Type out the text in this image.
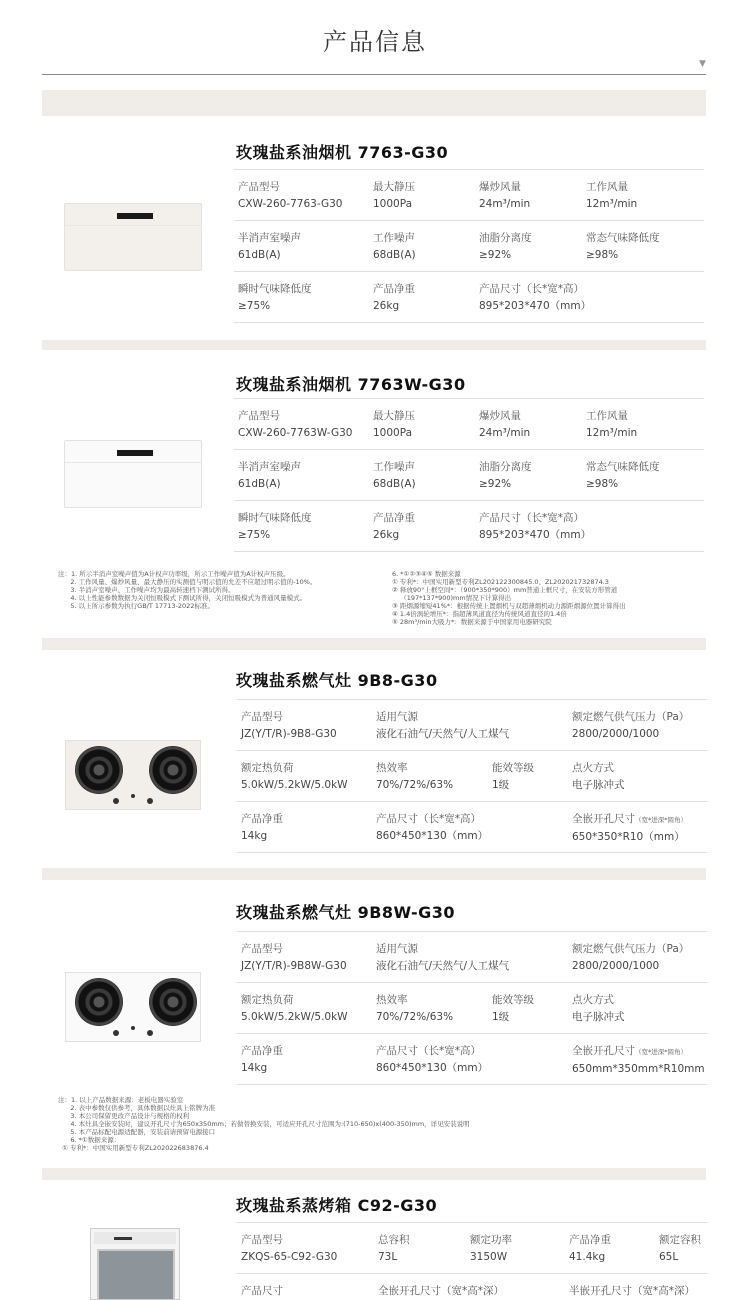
产品信息
▼
玫瑰盐系油烟机 7763-G30
产品型号
CXW-260-7763-G30
最大静压
1000Pa
爆炒风量
24m³/min
工作风量
12m³/min
半消声室噪声
61dB(A)
工作噪声
68dB(A)
油脂分离度
≥92%
常态气味降低度
≥98%
瞬时气味降低度
≥75%
产品净重
26kg
产品尺寸（长*宽*高）
895*203*470（mm）
玫瑰盐系油烟机 7763W-G30
产品型号
CXW-260-7763W-G30
最大静压
1000Pa
爆炒风量
24m³/min
工作风量
12m³/min
半消声室噪声
61dB(A)
工作噪声
68dB(A)
油脂分离度
≥92%
常态气味降低度
≥98%
瞬时气味降低度
≥75%
产品净重
26kg
产品尺寸（长*宽*高）
895*203*470（mm）
注：1. 所示半消声室噪声值为A计权声功率级，所示工作噪声值为A计权声压级。
2. 工作风量、爆炒风量、最大静压的实测值与明示值的允差不应超过明示值的-10%。
3. 半消声室噪声、工作噪声均为最高转速档下测试所得。
4. 以上性能参数数据为关闭恒吸模式下测试所得，关闭恒吸模式为普通风量模式。
5. 以上所示参数为执行GB/T 17713-2022标准。
6. *①②③④⑤ 数据来源
① 专利*：中国实用新型专利ZL202122300845.0、ZL202021732874.3
② 释放90°上框空间*：（900*350*900）mm普通上框尺寸，在安装方形管道
（197*137*900)mm情况下计算得出
③ 距烟源缩短41%*：根据传统上置烟机与双超薄烟机动力源距烟源位置计算得出
④ 1.4倍涡轮增压*：指超薄风道直径为传统风道直径的1.4倍
⑤ 28m³/min大吸力*：数据来源于中国家用电器研究院
玫瑰盐系燃气灶 9B8-G30
产品型号
JZ(Y/T/R)-9B8-G30
适用气源
液化石油气/天然气/人工煤气
额定燃气供气压力（Pa）
2800/2000/1000
额定热负荷
5.0kW/5.2kW/5.0kW
热效率
70%/72%/63%
能效等级
1级
点火方式
电子脉冲式
产品净重
14kg
产品尺寸（长*宽*高）
860*450*130（mm）
全嵌开孔尺寸（宽*进深*圆角）
650*350*R10（mm）
玫瑰盐系燃气灶 9B8W-G30
产品型号
JZ(Y/T/R)-9B8W-G30
适用气源
液化石油气/天然气/人工煤气
额定燃气供气压力（Pa）
2800/2000/1000
额定热负荷
5.0kW/5.2kW/5.0kW
热效率
70%/72%/63%
能效等级
1级
点火方式
电子脉冲式
产品净重
14kg
产品尺寸（长*宽*高）
860*450*130（mm）
全嵌开孔尺寸（宽*进深*圆角）
650mm*350mm*R10mm
注：1. 以上产品数据来源：老板电器实验室
2. 表中参数仅供参考，具体数据以灶具上铭牌为准
3. 本公司保留更改产品设计与规格的权利
4. 本灶具全嵌安装时，建议开孔尺寸为650x350mm；若做替换安装，可适应开孔尺寸范围为:(710-650)x(400-350)mm，详见安装说明
5. 本产品标配电源适配器，安装前请预留电源接口
6. *①数据来源：
① 专利*：中国实用新型专利ZL202022683876.4
玫瑰盐系蒸烤箱 C92-G30
产品型号
ZKQS-65-C92-G30
总容积
73L
额定功率
3150W
产品净重
41.4kg
额定容积
65L
产品尺寸	全嵌开孔尺寸（宽*高*深）	半嵌开孔尺寸（宽*高*深）
